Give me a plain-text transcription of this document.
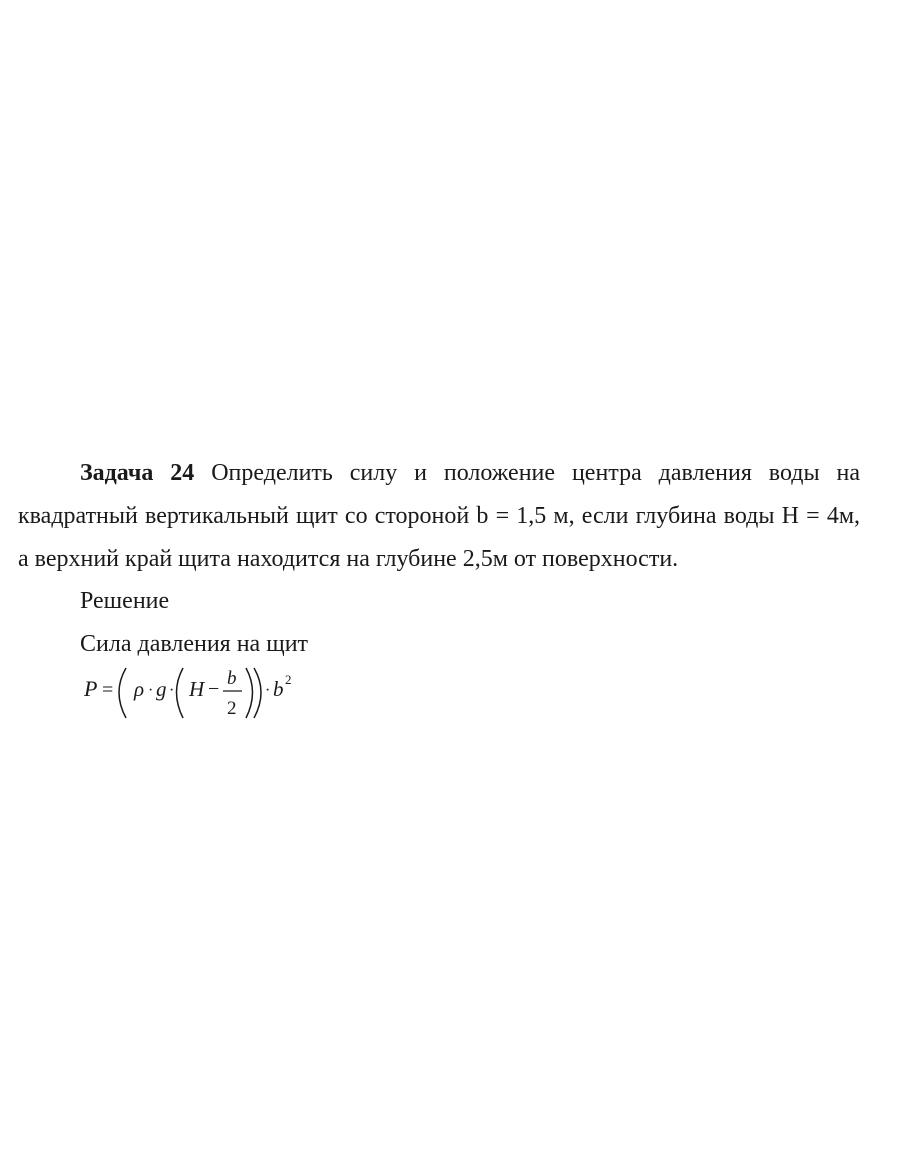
Задача 24 Определить силу и положение центра давления воды на квадратный вертикальный щит со стороной b = 1,5 м, если глубина воды H = 4м, а верхний край щита находится на глубине 2,5м от поверхности.

Решение

Сила давления на щит

P = ρ · g · H − b
2
· b 2
